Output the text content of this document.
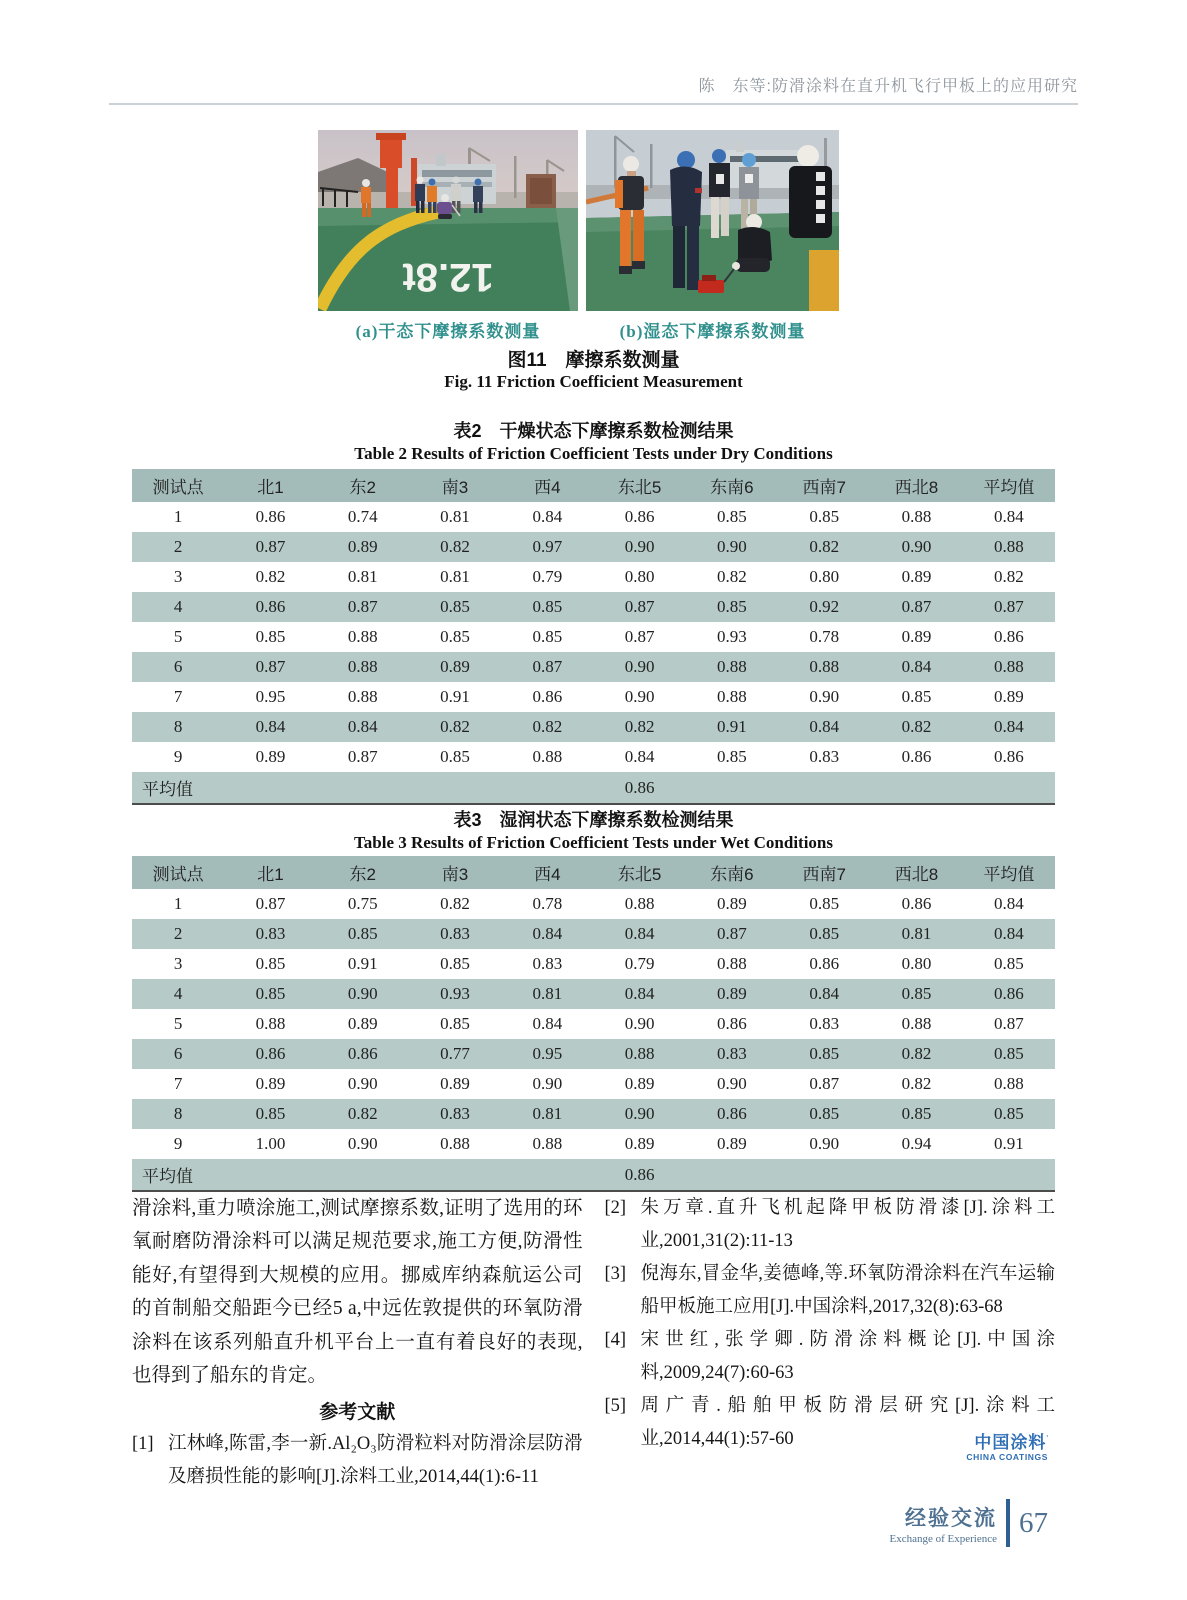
陈　东等:防滑涂料在直升机飞行甲板上的应用研究
12.8t
(a)干态下摩擦系数测量	(b)湿态下摩擦系数测量
图11　摩擦系数测量
Fig. 11 Friction Coefficient Measurement
表2　干燥状态下摩擦系数检测结果
Table 2 Results of Friction Coefficient Tests under Dry Conditions
测试点	北1	东2	南3	西4	东北5	东南6	西南7	西北8	平均值
1	0.86	0.74	0.81	0.84	0.86	0.85	0.85	0.88	0.84
2	0.87	0.89	0.82	0.97	0.90	0.90	0.82	0.90	0.88
3	0.82	0.81	0.81	0.79	0.80	0.82	0.80	0.89	0.82
4	0.86	0.87	0.85	0.85	0.87	0.85	0.92	0.87	0.87
5	0.85	0.88	0.85	0.85	0.87	0.93	0.78	0.89	0.86
6	0.87	0.88	0.89	0.87	0.90	0.88	0.88	0.84	0.88
7	0.95	0.88	0.91	0.86	0.90	0.88	0.90	0.85	0.89
8	0.84	0.84	0.82	0.82	0.82	0.91	0.84	0.82	0.84
9	0.89	0.87	0.85	0.88	0.84	0.85	0.83	0.86	0.86
平均值					0.86				
表3　湿润状态下摩擦系数检测结果
Table 3 Results of Friction Coefficient Tests under Wet Conditions
测试点	北1	东2	南3	西4	东北5	东南6	西南7	西北8	平均值
1	0.87	0.75	0.82	0.78	0.88	0.89	0.85	0.86	0.84
2	0.83	0.85	0.83	0.84	0.84	0.87	0.85	0.81	0.84
3	0.85	0.91	0.85	0.83	0.79	0.88	0.86	0.80	0.85
4	0.85	0.90	0.93	0.81	0.84	0.89	0.84	0.85	0.86
5	0.88	0.89	0.85	0.84	0.90	0.86	0.83	0.88	0.87
6	0.86	0.86	0.77	0.95	0.88	0.83	0.85	0.82	0.85
7	0.89	0.90	0.89	0.90	0.89	0.90	0.87	0.82	0.88
8	0.85	0.82	0.83	0.81	0.90	0.86	0.85	0.85	0.85
9	1.00	0.90	0.88	0.88	0.89	0.89	0.90	0.94	0.91
平均值					0.86				
滑涂料,重力喷涂施工,测试摩擦系数,证明了选用的环氧耐磨防滑涂料可以满足规范要求,施工方便,防滑性能好,有望得到大规模的应用。挪威库纳森航运公司的首制船交船距今已经5 a,中远佐敦提供的环氧防滑涂料在该系列船直升机平台上一直有着良好的表现,也得到了船东的肯定。
参考文献
[1] 江林峰,陈雷,李一新.Al₂O₃防滑粒料对防滑涂层防滑及磨损性能的影响[J].涂料工业,2014,44(1):6-11
[2] 朱万章.直升飞机起降甲板防滑漆[J].涂料工业,2001,31(2):11-13
[3] 倪海东,冒金华,姜德峰,等.环氧防滑涂料在汽车运输船甲板施工应用[J].中国涂料,2017,32(8):63-68
[4] 宋世红,张学卿.防滑涂料概论[J].中国涂料,2009,24(7):60-63
[5] 周广青.船舶甲板防滑层研究[J].涂料工业,2014,44(1):57-60	中国涂料'
CHINA COATINGS
经验交流
Exchange of Experience 67
